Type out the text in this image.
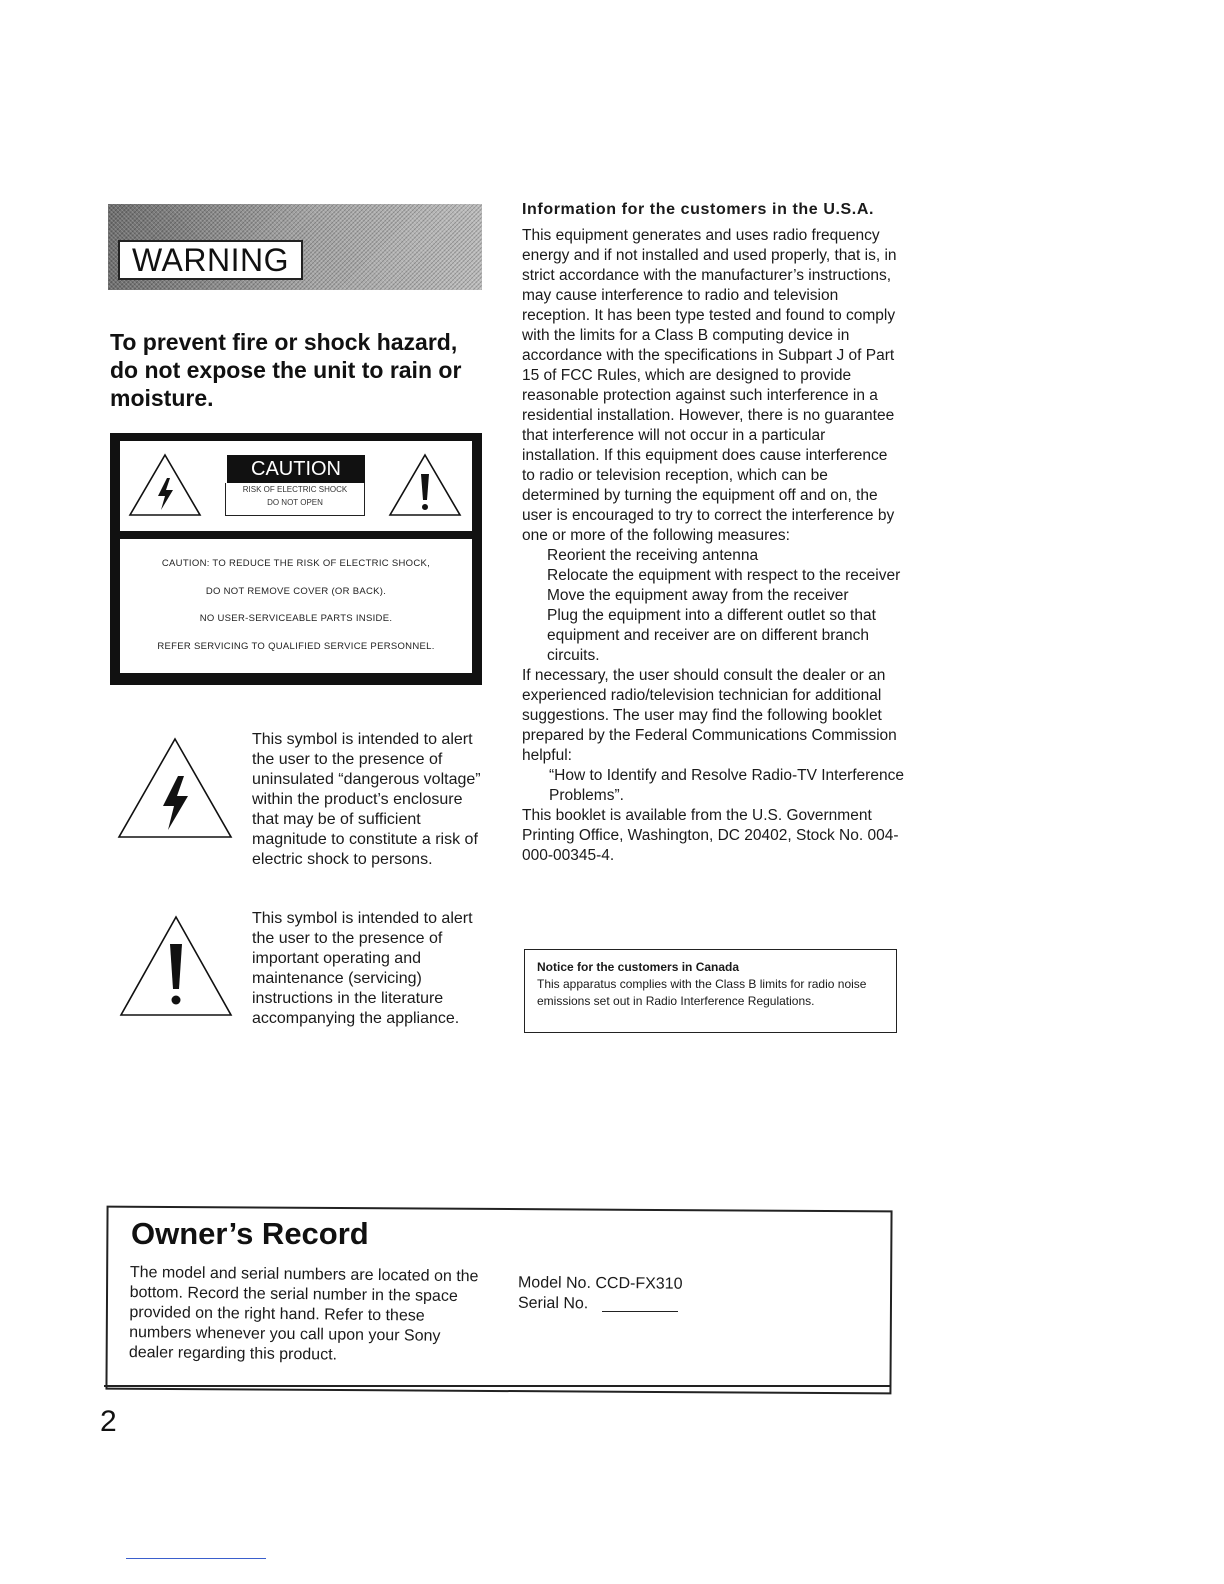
WARNING
To prevent fire or shock hazard, do not expose the unit to rain or moisture.
CAUTION
RISK OF ELECTRIC SHOCK
DO NOT OPEN
CAUTION: TO REDUCE THE RISK OF ELECTRIC SHOCK,
DO NOT REMOVE COVER (OR BACK).
NO USER-SERVICEABLE PARTS INSIDE.
REFER SERVICING TO QUALIFIED SERVICE PERSONNEL.
This symbol is intended to alert the user to the presence of uninsulated “dangerous voltage” within the product’s enclosure that may be of sufficient magnitude to constitute a risk of electric shock to persons.
This symbol is intended to alert the user to the presence of important operating and maintenance (servicing) instructions in the literature accompanying the appliance.
Information for the customers in the U.S.A.

This equipment generates and uses radio frequency energy and if not installed and used properly, that is, in strict accordance with the manufacturer’s instructions, may cause interference to radio and television reception. It has been type tested and found to comply with the limits for a Class B computing device in accordance with the specifications in Subpart J of Part 15 of FCC Rules, which are designed to provide reasonable protection against such interference in a residential installation. However, there is no guarantee that interference will not occur in a particular installation. If this equipment does cause interference to radio or television reception, which can be determined by turning the equipment off and on, the user is encouraged to try to correct the interference by one or more of the following measures:

Reorient the receiving antenna

Relocate the equipment with respect to the receiver

Move the equipment away from the receiver

Plug the equipment into a different outlet so that equipment and receiver are on different branch circuits.

If necessary, the user should consult the dealer or an experienced radio/television technician for additional suggestions. The user may find the following booklet prepared by the Federal Communications Commission helpful:

“How to Identify and Resolve Radio-TV Interference Problems”.

This booklet is available from the U.S. Government Printing Office, Washington, DC 20402, Stock No. 004-000-00345-4.

Notice for the customers in Canada
This apparatus complies with the Class B limits for radio noise emissions set out in Radio Interference Regulations.
Owner’s Record
The model and serial numbers are located on the bottom. Record the serial number in the space provided on the right hand. Refer to these numbers whenever you call upon your Sony dealer regarding this product.
Model No. CCD-FX310
Serial No.
2
